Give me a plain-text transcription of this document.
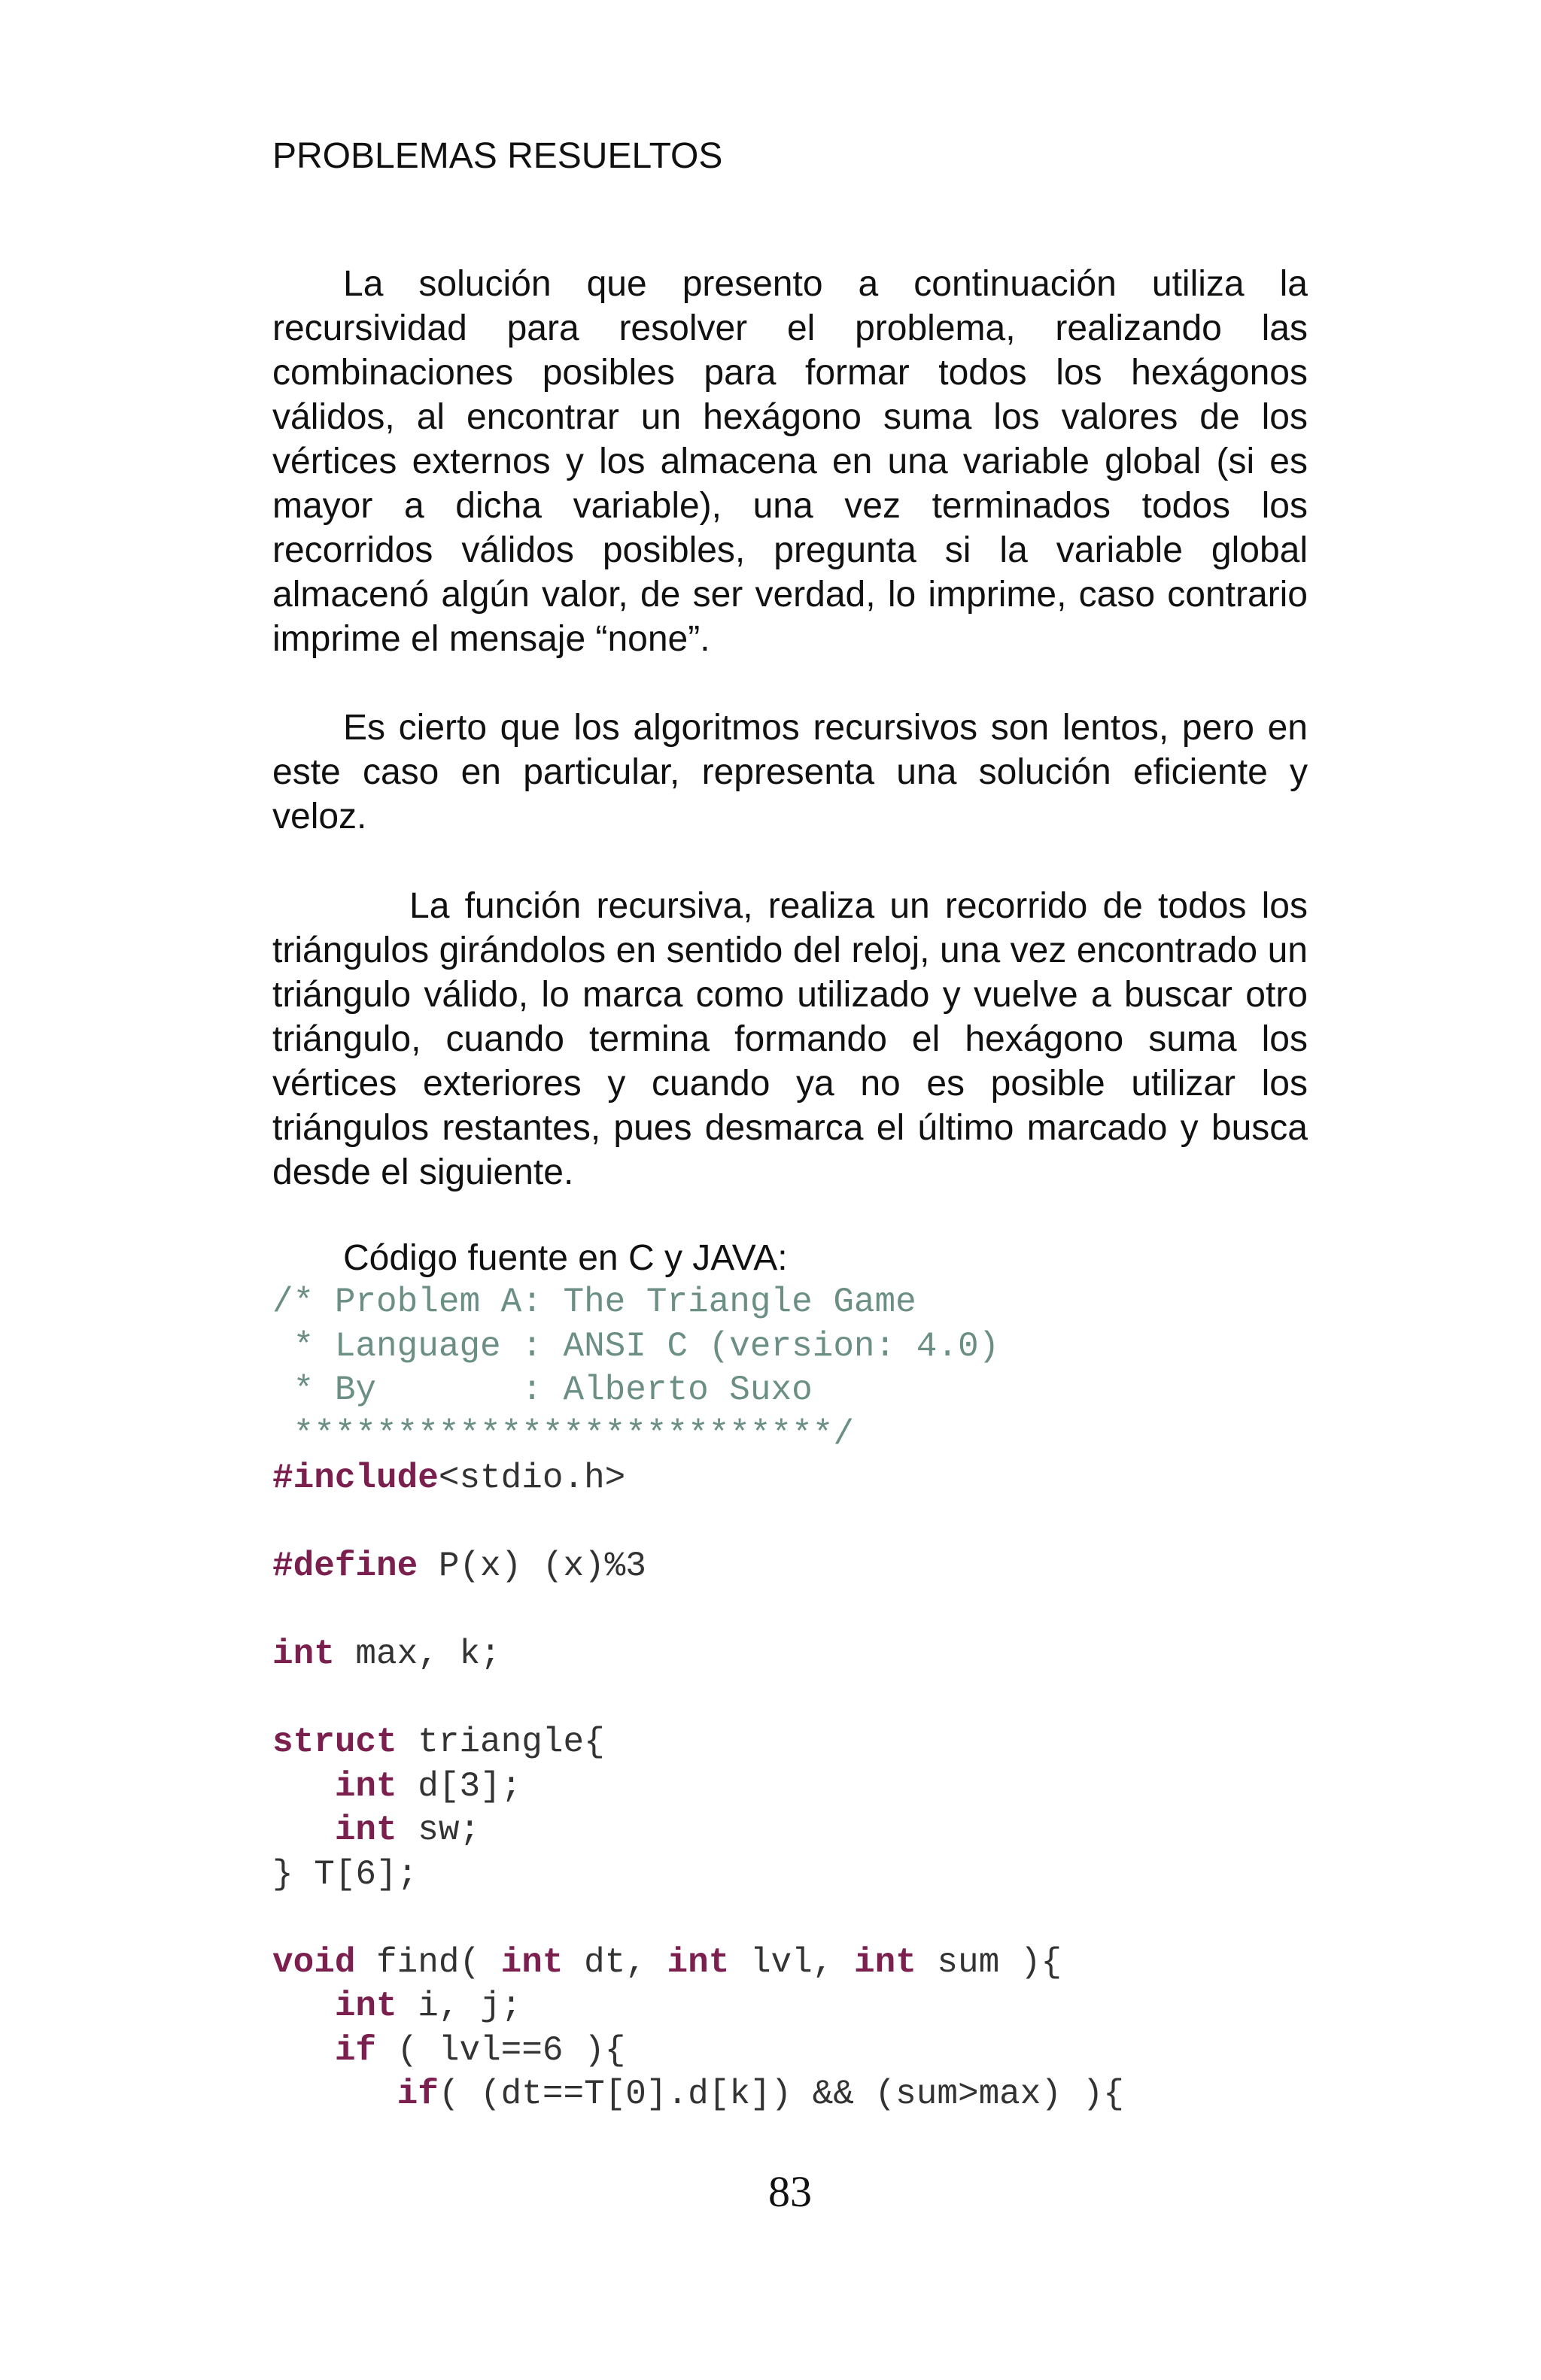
PROBLEMAS RESUELTOS

La solución que presento a continuación utiliza la recursividad para resolver el problema, realizando las combinaciones posibles para formar todos los hexágonos válidos, al encontrar un hexágono suma los valores de los vértices externos y los almacena en una variable global (si es mayor a dicha variable), una vez terminados todos los recorridos válidos posibles, pregunta si la variable global almacenó algún valor, de ser verdad, lo imprime, caso contrario imprime el mensaje “none”.

Es cierto que los algoritmos recursivos son lentos, pero en este caso en particular, representa una solución eficiente y veloz.

La función recursiva, realiza un recorrido de todos los triángulos girándolos en sentido del reloj, una vez encontrado un triángulo válido, lo marca como utilizado y vuelve a buscar otro triángulo, cuando termina formando el hexágono suma los vértices exteriores y cuando ya no es posible utilizar los triángulos restantes, pues desmarca el último marcado y busca desde el siguiente.

Código fuente en C y JAVA:
/* Problem A: The Triangle Game
* Language : ANSI C (version: 4.0)
* By       : Alberto Suxo
**************************/
#include<stdio.h>
#define P(x) (x)%3
int max, k;
struct triangle{
int d[3];
int sw;
} T[6];
void find( int dt, int lvl, int sum ){
int i, j;
if ( lvl==6 ){
if( (dt==T[0].d[k]) && (sum>max) ){
83
